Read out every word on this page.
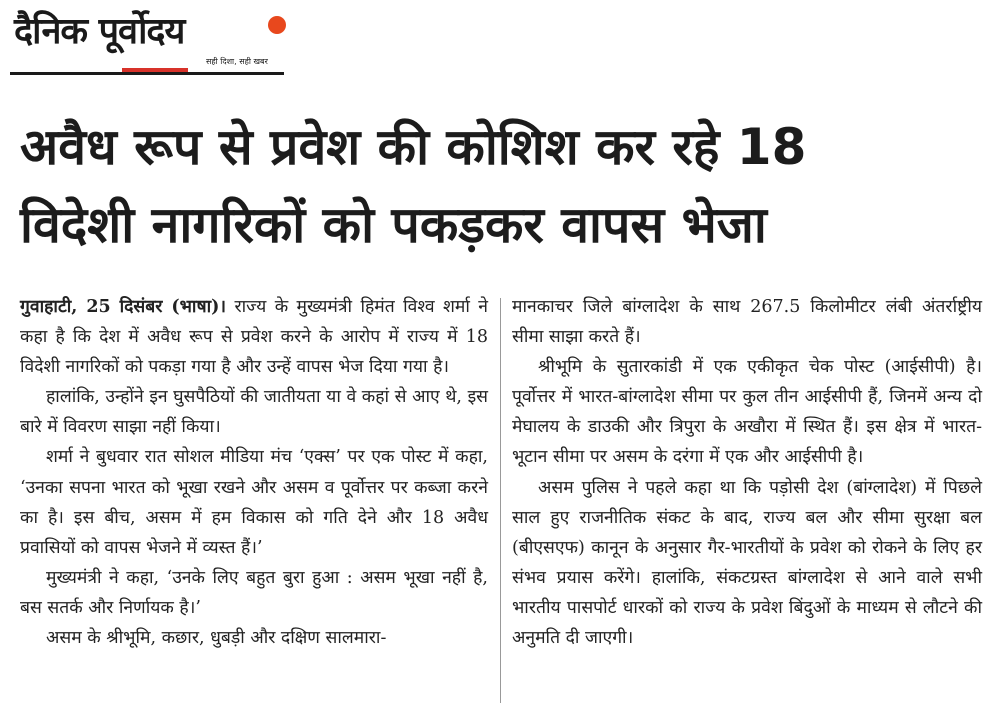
दैनिक पूर्वोदय
सही दिशा, सही खबर
अवैध रूप से प्रवेश की कोशिश कर रहे 18
विदेशी नागरिकों को पकड़कर वापस भेजा

गुवाहाटी, 25 दिसंबर (भाषा)। राज्य के मुख्यमंत्री हिमंत विश्व शर्मा ने कहा है कि देश में अवैध रूप से प्रवेश करने के आरोप में राज्य में 18 विदेशी नागरिकों को पकड़ा गया है और उन्हें वापस भेज दिया गया है।

हालांकि, उन्होंने इन घुसपैठियों की जातीयता या वे कहां से आए थे, इस बारे में विवरण साझा नहीं किया।

शर्मा ने बुधवार रात सोशल मीडिया मंच ‘एक्स’ पर एक पोस्ट में कहा, ‘उनका सपना भारत को भूखा रखने और असम व पूर्वोत्तर पर कब्जा करने का है। इस बीच, असम में हम विकास को गति देने और 18 अवैध प्रवासियों को वापस भेजने में व्यस्त हैं।’

मुख्यमंत्री ने कहा, ‘उनके लिए बहुत बुरा हुआ : असम भूखा नहीं है, बस सतर्क और निर्णायक है।’

असम के श्रीभूमि, कछार, धुबड़ी और दक्षिण सालमारा-

मानकाचर जिले बांग्लादेश के साथ 267.5 किलोमीटर लंबी अंतर्राष्ट्रीय सीमा साझा करते हैं।

श्रीभूमि के सुतारकांडी में एक एकीकृत चेक पोस्ट (आईसीपी) है। पूर्वोत्तर में भारत-बांग्लादेश सीमा पर कुल तीन आईसीपी हैं, जिनमें अन्य दो मेघालय के डाउकी और त्रिपुरा के अखौरा में स्थित हैं। इस क्षेत्र में भारत-भूटान सीमा पर असम के दरंगा में एक और आईसीपी है।

असम पुलिस ने पहले कहा था कि पड़ोसी देश (बांग्लादेश) में पिछले साल हुए राजनीतिक संकट के बाद, राज्य बल और सीमा सुरक्षा बल (बीएसएफ) कानून के अनुसार गैर-भारतीयों के प्रवेश को रोकने के लिए हर संभव प्रयास करेंगे। हालांकि, संकटग्रस्त बांग्लादेश से आने वाले सभी भारतीय पासपोर्ट धारकों को राज्य के प्रवेश बिंदुओं के माध्यम से लौटने की अनुमति दी जाएगी।
